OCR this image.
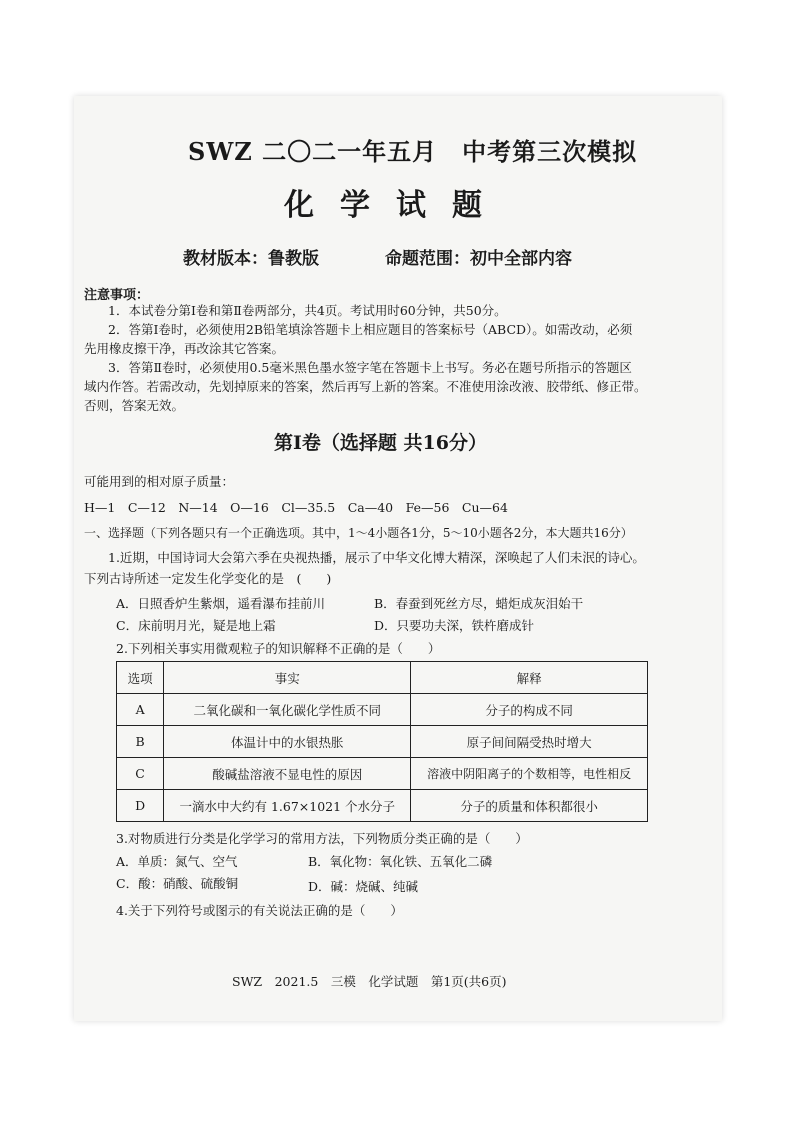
SWZ 二〇二一年五月　中考第三次模拟
化学试题
教材版本：鲁教版	命题范围：初中全部内容
注意事项：
1．本试卷分第Ⅰ卷和第Ⅱ卷两部分，共4页。考试用时60分钟，共50分。
2．答第Ⅰ卷时，必须使用2B铅笔填涂答题卡上相应题目的答案标号（ABCD）。如需改动，必须
先用橡皮擦干净，再改涂其它答案。
3．答第Ⅱ卷时，必须使用0.5毫米黑色墨水签字笔在答题卡上书写。务必在题号所指示的答题区
域内作答。若需改动，先划掉原来的答案，然后再写上新的答案。不准使用涂改液、胶带纸、修正带。
否则，答案无效。
第Ⅰ卷（选择题 共16分）
可能用到的相对原子质量：
H—1　C—12　N—14　O—16　Cl—35.5　Ca—40　Fe—56　Cu—64
一、选择题（下列各题只有一个正确选项。其中，1～4小题各1分，5～10小题各2分，本大题共16分）
1.近期，中国诗词大会第六季在央视热播，展示了中华文化博大精深，深唤起了人们未泯的诗心。
下列古诗所述一定发生化学变化的是　(　　)
A．日照香炉生紫烟，遥看瀑布挂前川	B．春蚕到死丝方尽，蜡炬成灰泪始干
C．床前明月光，疑是地上霜	D．只要功夫深，铁杵磨成针
2.下列相关事实用微观粒子的知识解释不正确的是（　　）
选项	事实	解释
A	二氧化碳和一氧化碳化学性质不同	分子的构成不同
B	体温计中的水银热胀	原子间间隔受热时增大
C	酸碱盐溶液不显电性的原因	溶液中阴阳离子的个数相等，电性相反
D	一滴水中大约有 1.67×1021 个水分子	分子的质量和体积都很小
3.对物质进行分类是化学学习的常用方法，下列物质分类正确的是（　　）
A．单质：氮气、空气	B．氧化物：氧化铁、五氧化二磷
C．酸：硝酸、硫酸铜	D．碱：烧碱、纯碱
4.关于下列符号或图示的有关说法正确的是（　　）
SWZ　2021.5　三模　化学试题　第1页(共6页)
